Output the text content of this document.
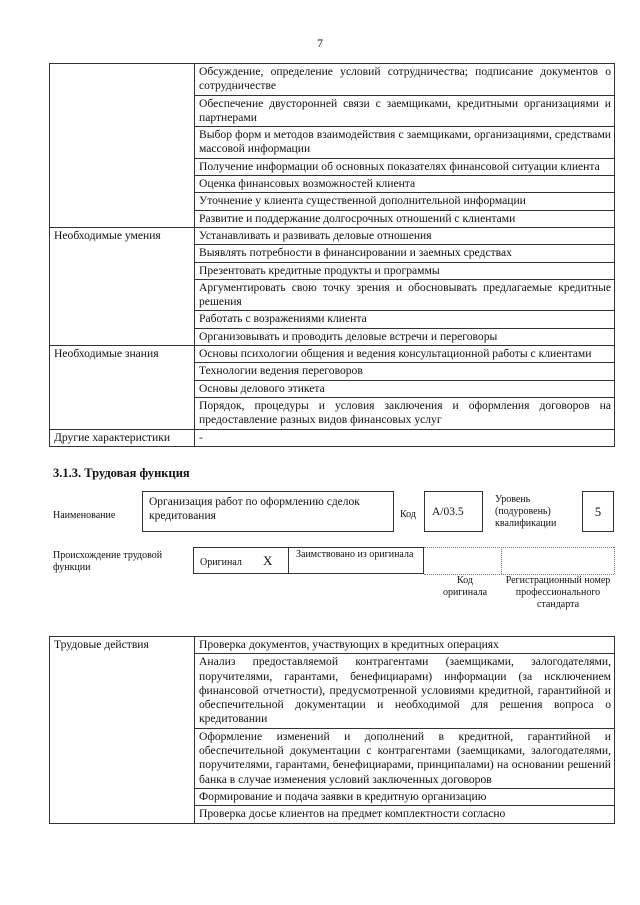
7
	Обсуждение, определение условий сотрудничества; подписание документов о сотрудничестве
	Обеспечение двусторонней связи с заемщиками, кредитными организациями и партнерами
	Выбор форм и методов взаимодействия с заемщиками, организациями, средствами массовой информации
	Получение информации об основных показателях финансовой ситуации клиента
	Оценка финансовых возможностей клиента
	Уточнение у клиента существенной дополнительной информации
	Развитие и поддержание долгосрочных отношений с клиентами
Необходимые умения	Устанавливать и развивать деловые отношения
	Выявлять потребности в финансировании и заемных средствах
	Презентовать кредитные продукты и программы
	Аргументировать свою точку зрения и обосновывать предлагаемые кредитные решения
	Работать с возражениями клиента
	Организовывать и проводить деловые встречи и переговоры
Необходимые знания	Основы психологии общения и ведения консультационной работы с клиентами
	Технологии ведения переговоров
	Основы делового этикета
	Порядок, процедуры и условия заключения и оформления договоров на предоставление разных видов финансовых услуг
Другие характеристики	-
3.1.3. Трудовая функция
Наименование
Организация работ по оформлению сделок кредитования	Код	A/03.5
Уровень (подуровень) квалификации
5
Происхождение трудовой функции	Оригинал X Заимствовано из оригинала
Код оригинала
Регистрационный номер профессионального стандарта
Трудовые действия	Проверка документов, участвующих в кредитных операциях
Анализ предоставляемой контрагентами (заемщиками, залогодателями, поручителями, гарантами, бенефициарами) информации (за исключением финансовой отчетности), предусмотренной условиями кредитной, гарантийной и обеспечительной документации и необходимой для решения вопроса о кредитовании
Оформление изменений и дополнений в кредитной, гарантийной и обеспечительной документации с контрагентами (заемщиками, залогодателями, поручителями, гарантами, бенефициарами, принципалами) на основании решений банка в случае изменения условий заключенных договоров
Формирование и подача заявки в кредитную организацию
Проверка досье клиентов на предмет комплектности согласно
